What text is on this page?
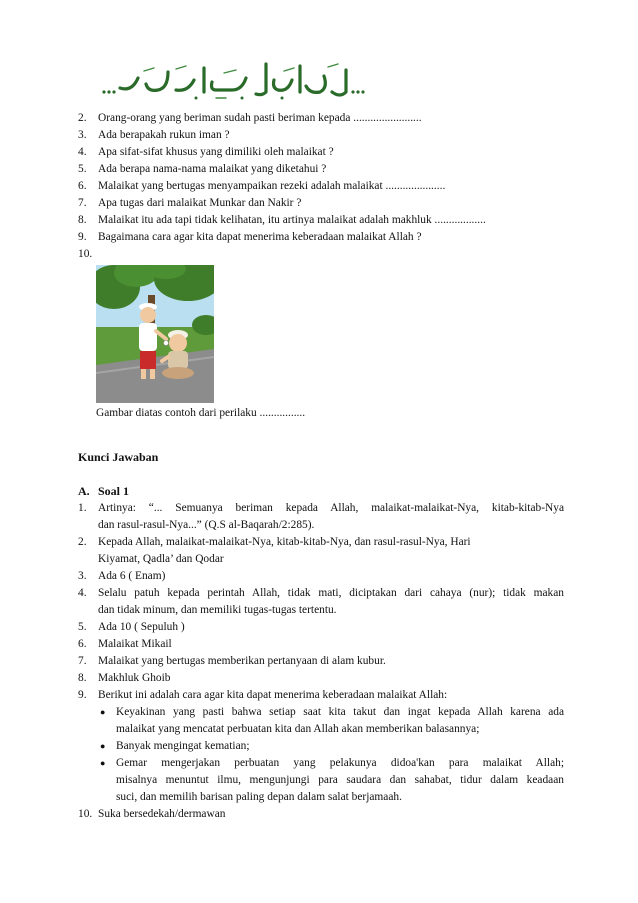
2.	Orang-orang yang beriman sudah pasti beriman kepada ........................
3.	Ada berapakah rukun iman ?
4.	Apa sifat-sifat khusus yang dimiliki oleh malaikat ?
5.	Ada berapa nama-nama malaikat yang diketahui ?
6.	Malaikat yang bertugas menyampaikan rezeki adalah malaikat .....................
7.	Apa tugas dari malaikat Munkar dan Nakir ?
8.	Malaikat itu ada tapi tidak kelihatan, itu artinya malaikat adalah makhluk ..................
9.	Bagaimana cara agar kita dapat menerima keberadaan malaikat Allah ?
10.
Gambar diatas contoh dari perilaku ................
Kunci Jawaban
A. Soal 1
1.	Artinya: “... Semuanya beriman kepada Allah, malaikat-malaikat-Nya, kitab-kitab-Nya
dan rasul-rasul-Nya...” (Q.S al-Baqarah/2:285).
2.	Kepada Allah, malaikat-malaikat-Nya, kitab-kitab-Nya, dan rasul-rasul-Nya, Hari
Kiyamat, Qadla’ dan Qodar
3.	Ada 6 ( Enam)
4.	Selalu patuh kepada perintah Allah, tidak mati, diciptakan dari cahaya (nur); tidak makan
dan tidak minum, dan memiliki tugas-tugas tertentu.
5.	Ada 10 ( Sepuluh )
6.	Malaikat Mikail
7.	Malaikat yang bertugas memberikan pertanyaan di alam kubur.
8.	Makhluk Ghoib
9.	Berikut ini adalah cara agar kita dapat menerima keberadaan malaikat Allah:
● Keyakinan yang pasti bahwa setiap saat kita takut dan ingat kepada Allah karena ada
malaikat yang mencatat perbuatan kita dan Allah akan memberikan balasannya;
● Banyak mengingat kematian;
● Gemar mengerjakan perbuatan yang pelakunya didoa'kan para malaikat Allah;
misalnya menuntut ilmu, mengunjungi para saudara dan sahabat, tidur dalam keadaan
suci, dan memilih barisan paling depan dalam salat berjamaah.
10. Suka bersedekah/dermawan
